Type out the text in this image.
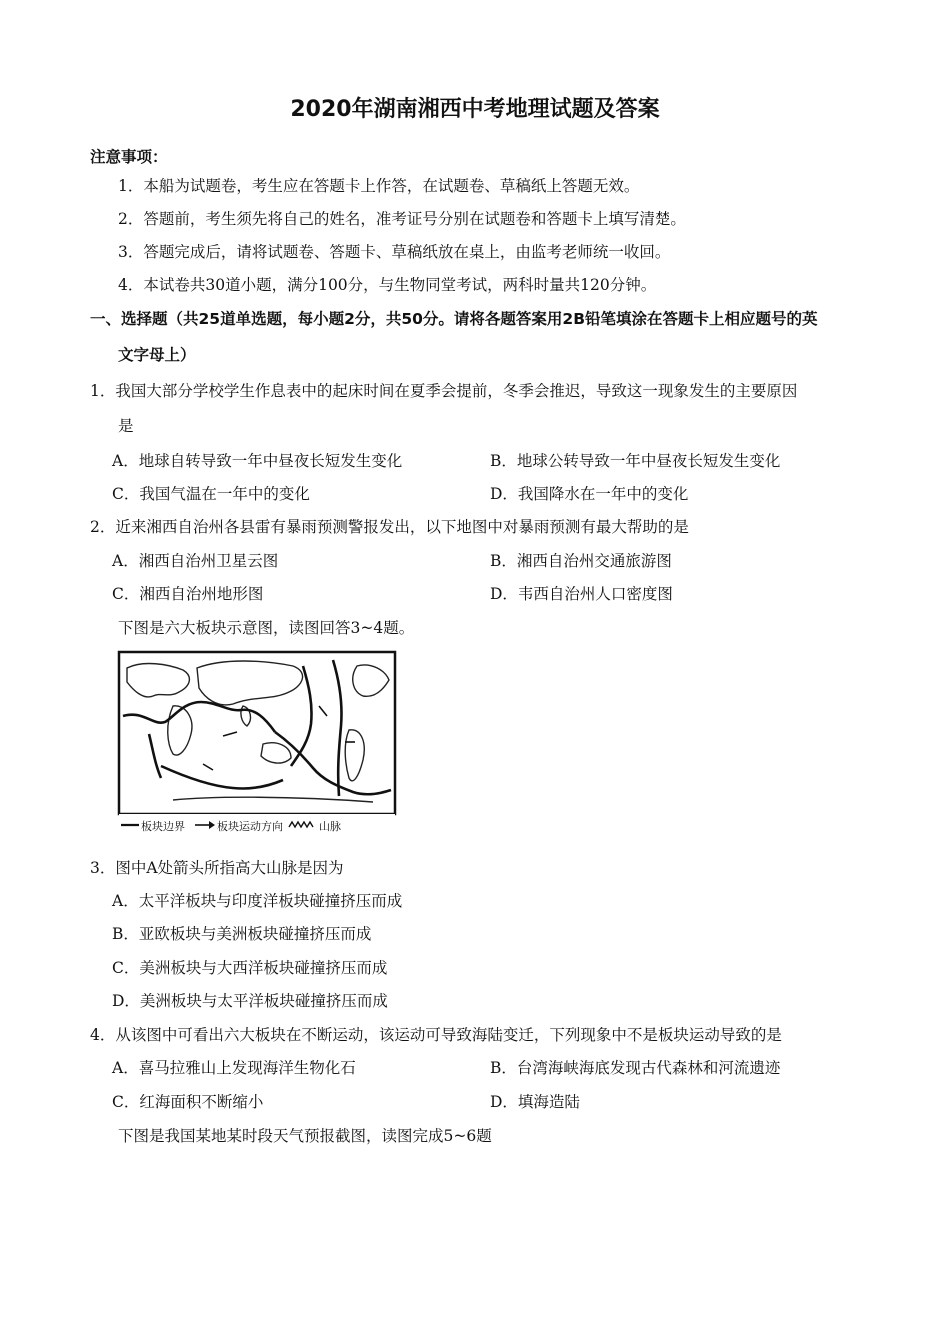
2020年湖南湘西中考地理试题及答案
注意事项：
1．本船为试题卷，考生应在答题卡上作答，在试题卷、草稿纸上答题无效。
2．答题前，考生须先将自己的姓名，准考证号分别在试题卷和答题卡上填写清楚。
3．答题完成后，请将试题卷、答题卡、草稿纸放在桌上，由监考老师统一收回。
4．本试卷共30道小题，满分100分，与生物同堂考试，两科时量共120分钟。
一、选择题（共25道单选题，每小题2分，共50分。请将各题答案用2B铅笔填涂在答题卡上相应题号的英
文字母上）
1．我国大部分学校学生作息表中的起床时间在夏季会提前，冬季会推迟，导致这一现象发生的主要原因
是
A．地球自转导致一年中昼夜长短发生变化	B．地球公转导致一年中昼夜长短发生变化
C．我国气温在一年中的变化	D．我国降水在一年中的变化
2．近来湘西自治州各县雷有暴雨预测警报发出，以下地图中对暴雨预测有最大帮助的是
A．湘西自治州卫星云图	B．湘西自治州交通旅游图
C．湘西自治州地形图	D．韦西自治州人口密度图
下图是六大板块示意图，读图回答3~4题。
板块边界	板块运动方向	山脉
3．图中A处箭头所指高大山脉是因为
A．太平洋板块与印度洋板块碰撞挤压而成
B．亚欧板块与美洲板块碰撞挤压而成
C．美洲板块与大西洋板块碰撞挤压而成
D．美洲板块与太平洋板块碰撞挤压而成
4．从该图中可看出六大板块在不断运动，该运动可导致海陆变迁，下列现象中不是板块运动导致的是
A．喜马拉雅山上发现海洋生物化石	B．台湾海峡海底发现古代森林和河流遗迹
C．红海面积不断缩小	D．填海造陆
下图是我国某地某时段天气预报截图，读图完成5~6题
